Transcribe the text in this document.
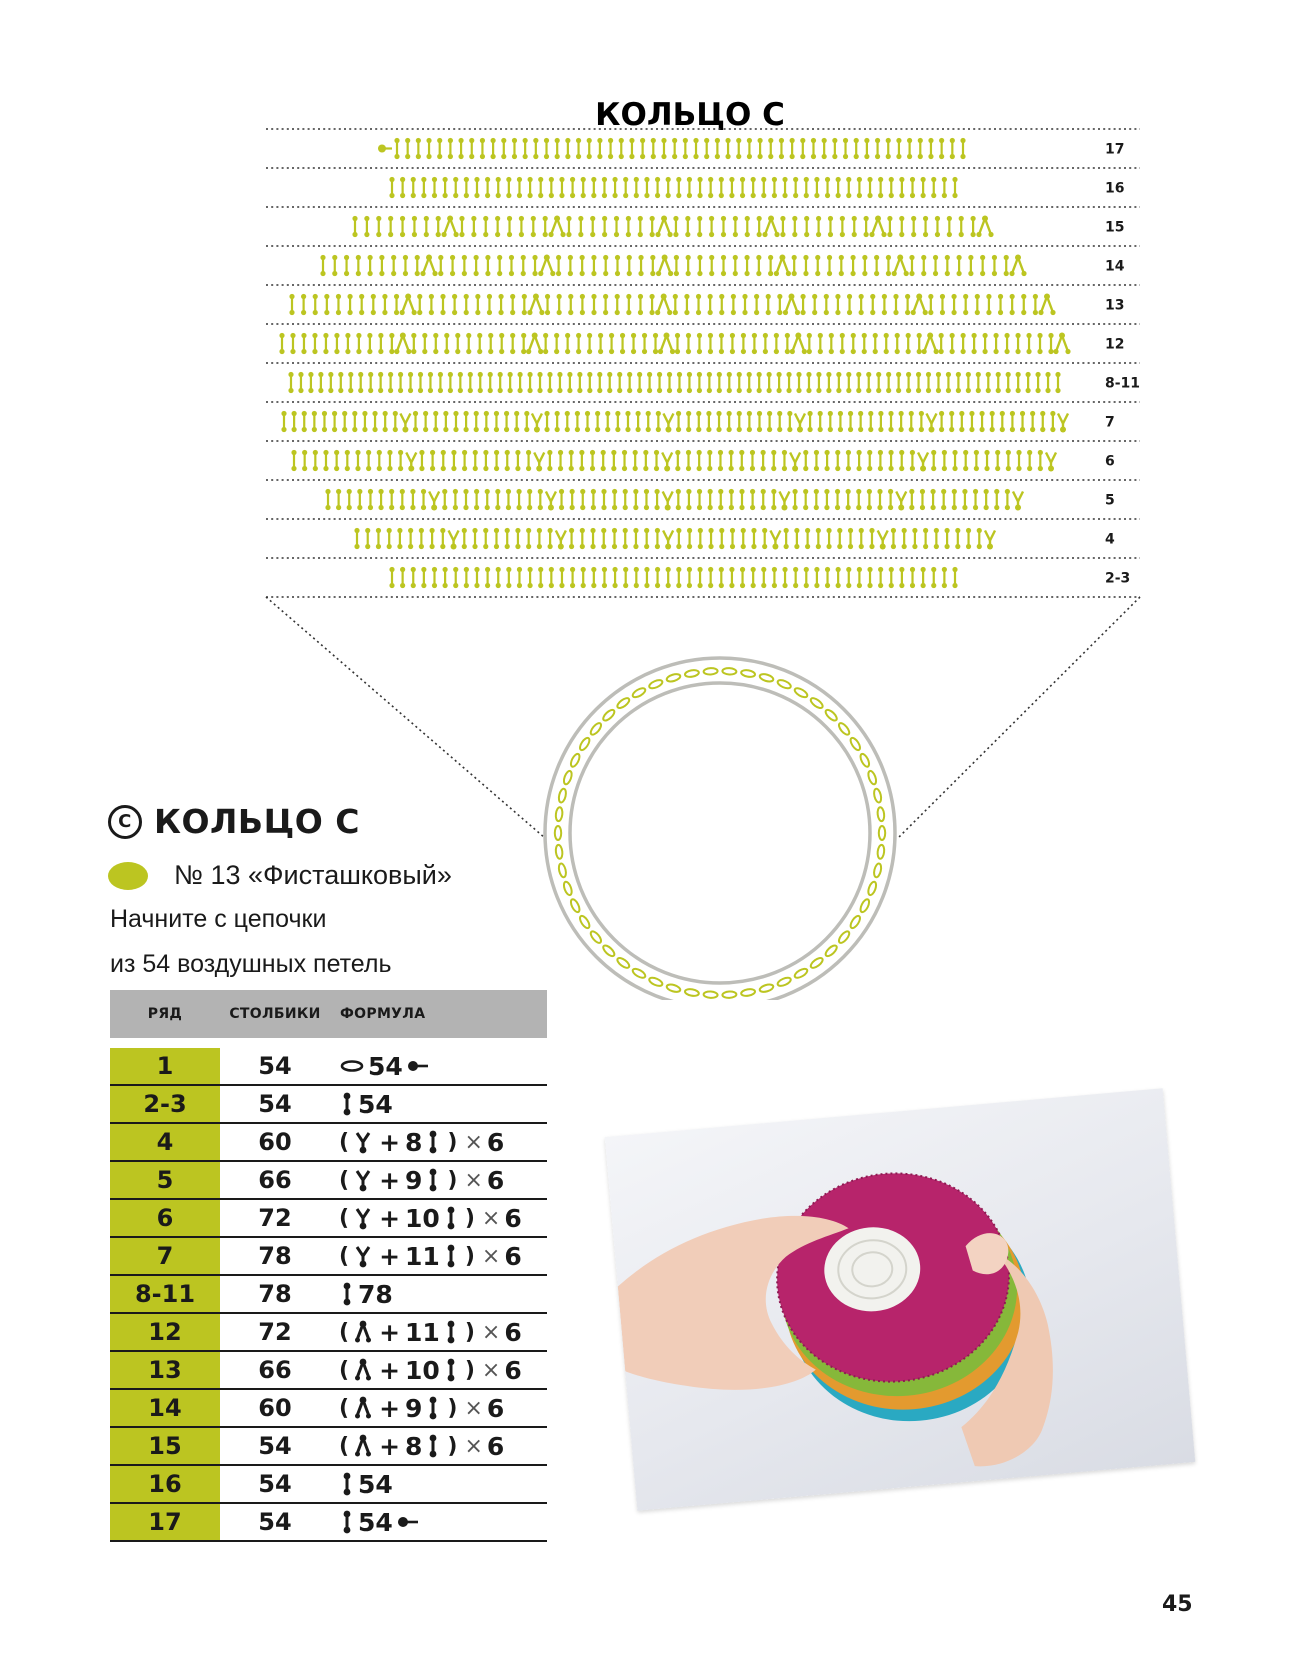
КОЛЬЦО С
17
16
15
14
13
12
8-11
7
6
5
4
2-3
C КОЛЬЦО С
№ 13 «Фисташковый»
Начните с цепочки
из 54 воздушных петель
РЯД	СТОЛБИКИ	ФОРМУЛА
1	54	54
2-3	54	54
4	60	( + 8 ) × 6
5	66	( + 9 ) × 6
6	72	( + 10 ) × 6
7	78	( + 11 ) × 6
8-11	78	78
12	72	( + 11 ) × 6
13	66	( + 10 ) × 6
14	60	( + 9 ) × 6
15	54	( + 8 ) × 6
16	54	54
17	54	54
45
